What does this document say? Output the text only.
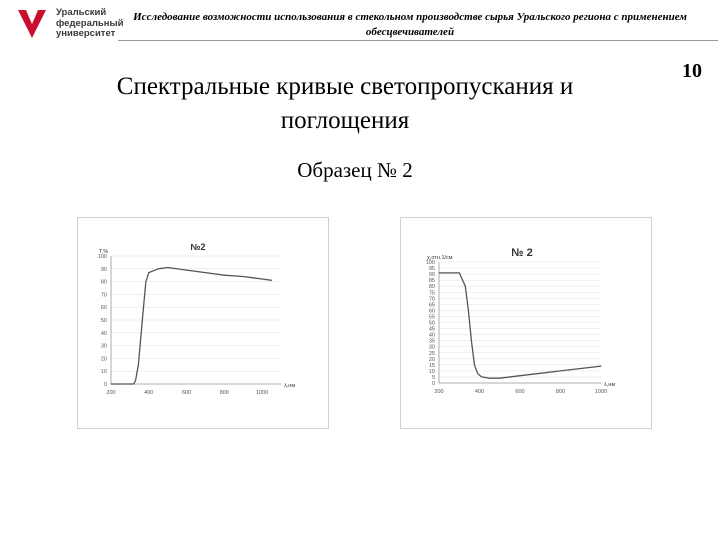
Уральский
федеральный
университет
Исследование возможности использования в стекольном производстве сырья Уральского региона с применением обесцвечивателей
10
Спектральные кривые светопропускания и поглощения
Образец № 2
0
10
20
30
40
50
60
70
80
90
100
200	400	600	800	1000
№2
T,%
λ,нм	0
5
10
15
20
25
30
35
40
45
50
55
60
65
70
75
80
85
90
95
100
200	400	600	800	1000
№ 2
χ,отн.1/см
λ,нм
